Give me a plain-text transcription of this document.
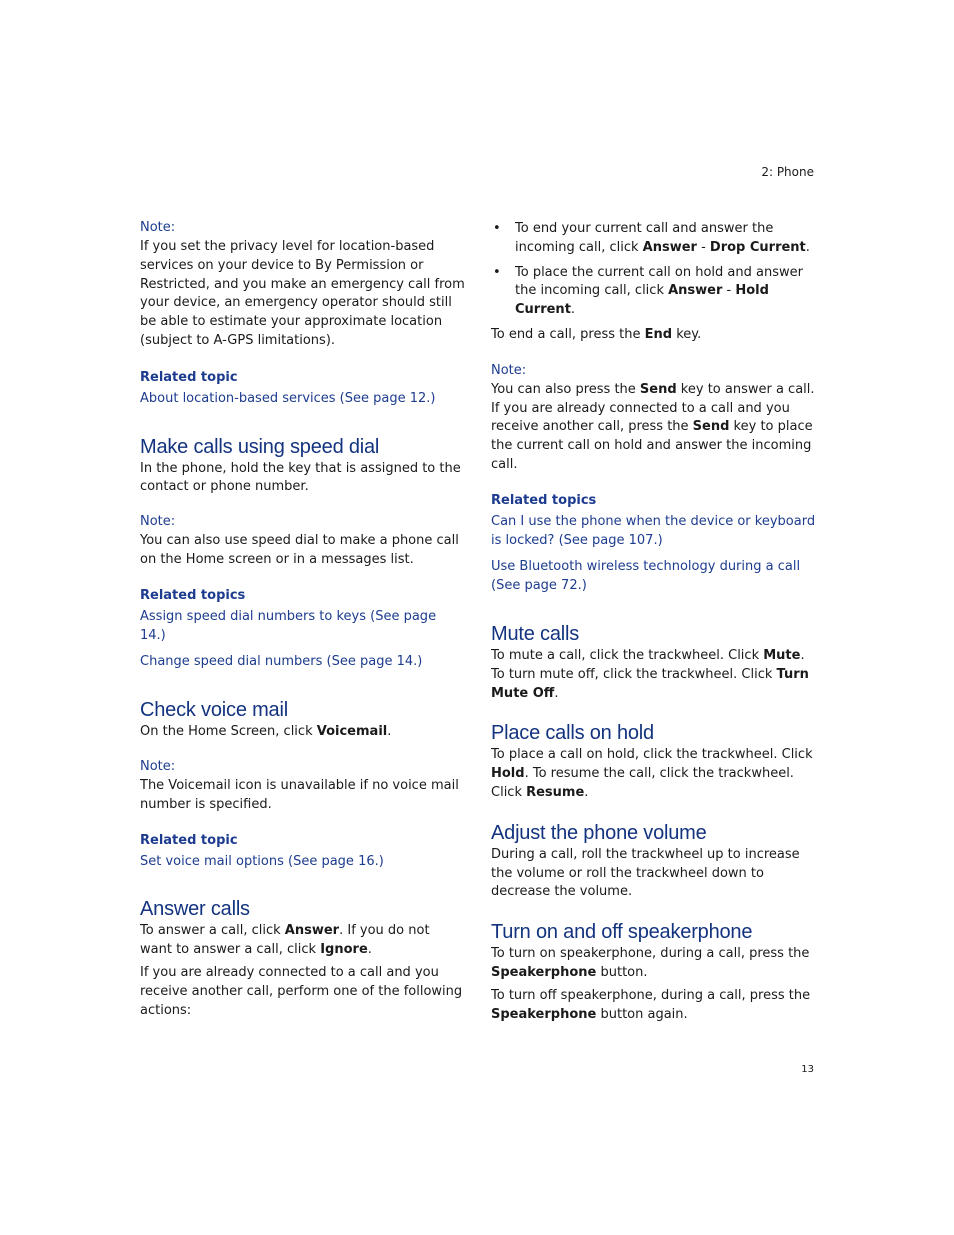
2: Phone
Note:

If you set the privacy level for location-based services on your device to By Permission or Restricted, and you make an emergency call from your device, an emergency operator should still be able to estimate your approximate location (subject to A-GPS limitations).

Related topic
About location-based services (See page 12.)
Make calls using speed dial

In the phone, hold the key that is assigned to the contact or phone number.

Note:

You can also use speed dial to make a phone call on the Home screen or in a messages list.

Related topics
Assign speed dial numbers to keys (See page 14.)
Change speed dial numbers (See page 14.)
Check voice mail

On the Home Screen, click Voicemail.

Note:

The Voicemail icon is unavailable if no voice mail number is specified.

Related topic
Set voice mail options (See page 16.)
Answer calls

To answer a call, click Answer. If you do not want to answer a call, click Ignore.

If you are already connected to a call and you receive another call, perform one of the following actions:

• To end your current call and answer the incoming call, click Answer - Drop Current.
• To place the current call on hold and answer the incoming call, click Answer - Hold Current.

To end a call, press the End key.

Note:

You can also press the Send key to answer a call. If you are already connected to a call and you receive another call, press the Send key to place the current call on hold and answer the incoming call.

Related topics
Can I use the phone when the device or keyboard is locked? (See page 107.)
Use Bluetooth wireless technology during a call (See page 72.)
Mute calls

To mute a call, click the trackwheel. Click Mute. To turn mute off, click the trackwheel. Click Turn Mute Off.

Place calls on hold

To place a call on hold, click the trackwheel. Click Hold. To resume the call, click the trackwheel. Click Resume.

Adjust the phone volume

During a call, roll the trackwheel up to increase the volume or roll the trackwheel down to decrease the volume.

Turn on and off speakerphone

To turn on speakerphone, during a call, press the Speakerphone button.

To turn off speakerphone, during a call, press the Speakerphone button again.

13
